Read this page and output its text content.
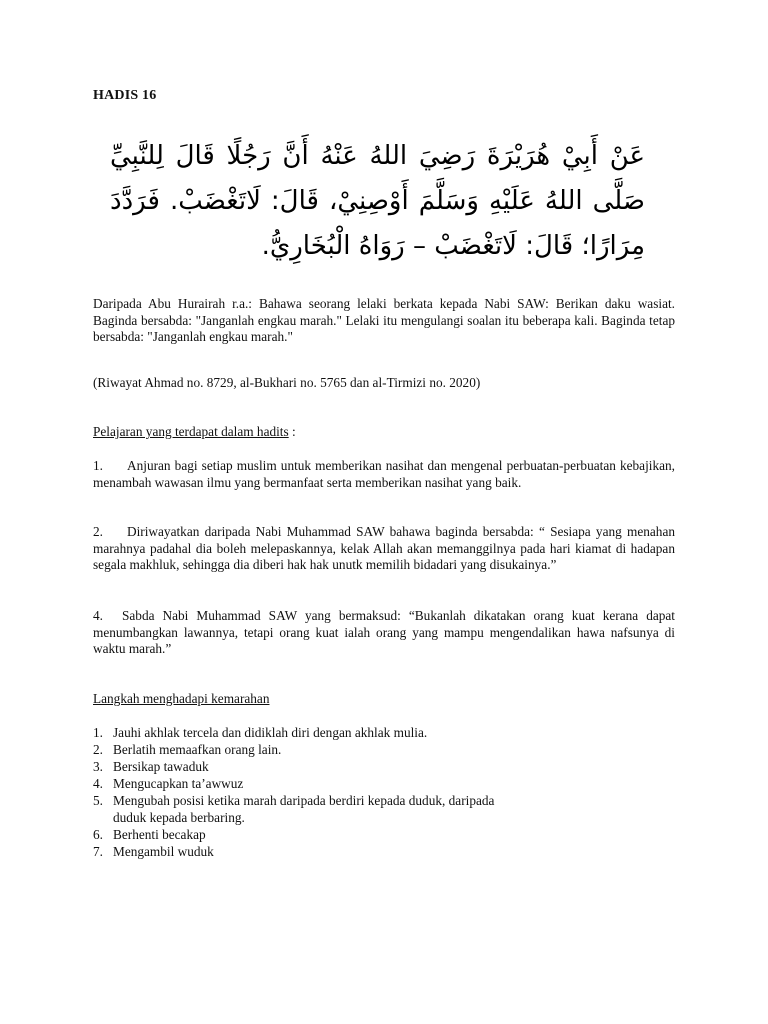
HADIS 16
عَنْ أَبِيْ هُرَيْرَةَ رَضِيَ اللهُ عَنْهُ أَنَّ رَجُلًا قَالَ لِلنَّبِيِّ صَلَّى اللهُ عَلَيْهِ وَسَلَّمَ أَوْصِنِيْ، قَالَ: لَاتَغْضَبْ. فَرَدَّدَ مِرَارًا؛ قَالَ: لَاتَغْضَبْ – رَوَاهُ الْبُخَارِيُّ.

Daripada Abu Hurairah r.a.: Bahawa seorang lelaki berkata kepada Nabi SAW: Berikan daku wasiat. Baginda bersabda: "Janganlah engkau marah." Lelaki itu mengulangi soalan itu beberapa kali. Baginda tetap bersabda: "Janganlah engkau marah."

(Riwayat Ahmad no. 8729, al-Bukhari no. 5765 dan al-Tirmizi no. 2020)

Pelajaran yang terdapat dalam hadits :

1. Anjuran bagi setiap muslim untuk memberikan nasihat dan mengenal perbuatan-perbuatan kebajikan, menambah wawasan ilmu yang bermanfaat serta memberikan nasihat yang baik.

2. Diriwayatkan daripada Nabi Muhammad SAW bahawa baginda bersabda: “ Sesiapa yang menahan marahnya padahal dia boleh melepaskannya, kelak Allah akan memanggilnya pada hari kiamat di hadapan segala makhluk, sehingga dia diberi hak hak unutk memilih bidadari yang disukainya.”

4. Sabda Nabi Muhammad SAW yang bermaksud: “Bukanlah dikatakan orang kuat kerana dapat menumbangkan lawannya, tetapi orang kuat ialah orang yang mampu mengendalikan hawa nafsunya di waktu marah.”

Langkah menghadapi kemarahan

1. Jauhi akhlak tercela dan didiklah diri dengan akhlak mulia.
2. Berlatih memaafkan orang lain.
3. Bersikap tawaduk
4. Mengucapkan ta’awwuz
5. Mengubah posisi ketika marah daripada berdiri kepada duduk, daripada duduk kepada berbaring.
6. Berhenti becakap
7. Mengambil wuduk
